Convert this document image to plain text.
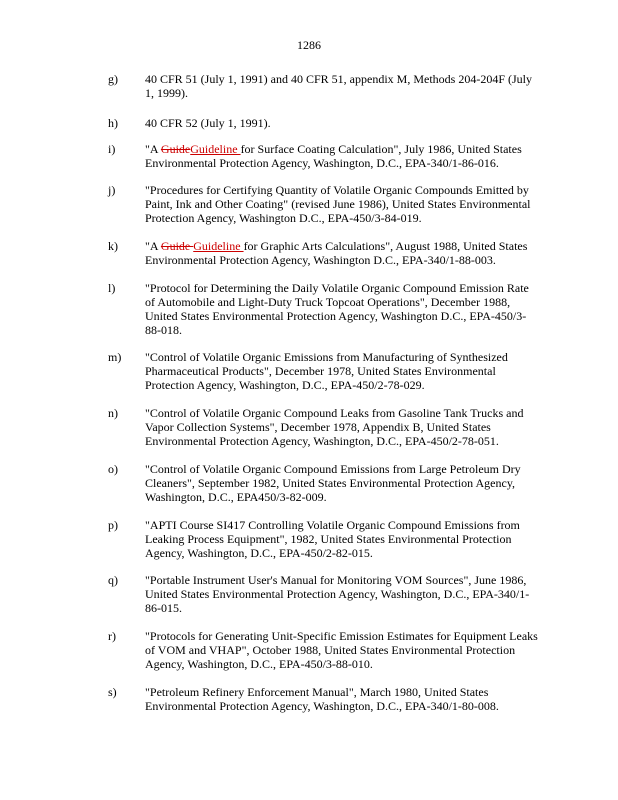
1286
g)	40 CFR 51 (July 1, 1991) and 40 CFR 51, appendix M, Methods 204-204F (July 1, 1999).
h)	40 CFR 52 (July 1, 1991).
i)	"A GuideGuideline for Surface Coating Calculation", July 1986, United States Environmental Protection Agency, Washington, D.C., EPA-340/1-86-016.
j)	"Procedures for Certifying Quantity of Volatile Organic Compounds Emitted by Paint, Ink and Other Coating" (revised June 1986), United States Environmental Protection Agency, Washington D.C., EPA-450/3-84-019.
k)	"A Guide Guideline for Graphic Arts Calculations", August 1988, United States Environmental Protection Agency, Washington D.C., EPA-340/1-88-003.
l)	"Protocol for Determining the Daily Volatile Organic Compound Emission Rate of Automobile and Light-Duty Truck Topcoat Operations", December 1988, United States Environmental Protection Agency, Washington D.C., EPA-450/3-88-018.
m)	"Control of Volatile Organic Emissions from Manufacturing of Synthesized Pharmaceutical Products", December 1978, United States Environmental Protection Agency, Washington, D.C., EPA-450/2-78-029.
n)	"Control of Volatile Organic Compound Leaks from Gasoline Tank Trucks and Vapor Collection Systems", December 1978, Appendix B, United States Environmental Protection Agency, Washington, D.C., EPA-450/2-78-051.
o)	"Control of Volatile Organic Compound Emissions from Large Petroleum Dry Cleaners", September 1982, United States Environmental Protection Agency, Washington, D.C., EPA450/3-82-009.
p)	"APTI Course SI417 Controlling Volatile Organic Compound Emissions from Leaking Process Equipment", 1982, United States Environmental Protection Agency, Washington, D.C., EPA-450/2-82-015.
q)	"Portable Instrument User's Manual for Monitoring VOM Sources", June 1986, United States Environmental Protection Agency, Washington, D.C., EPA-340/1-86-015.
r)	"Protocols for Generating Unit-Specific Emission Estimates for Equipment Leaks of VOM and VHAP", October 1988, United States Environmental Protection Agency, Washington, D.C., EPA-450/3-88-010.
s)	"Petroleum Refinery Enforcement Manual", March 1980, United States Environmental Protection Agency, Washington, D.C., EPA-340/1-80-008.
